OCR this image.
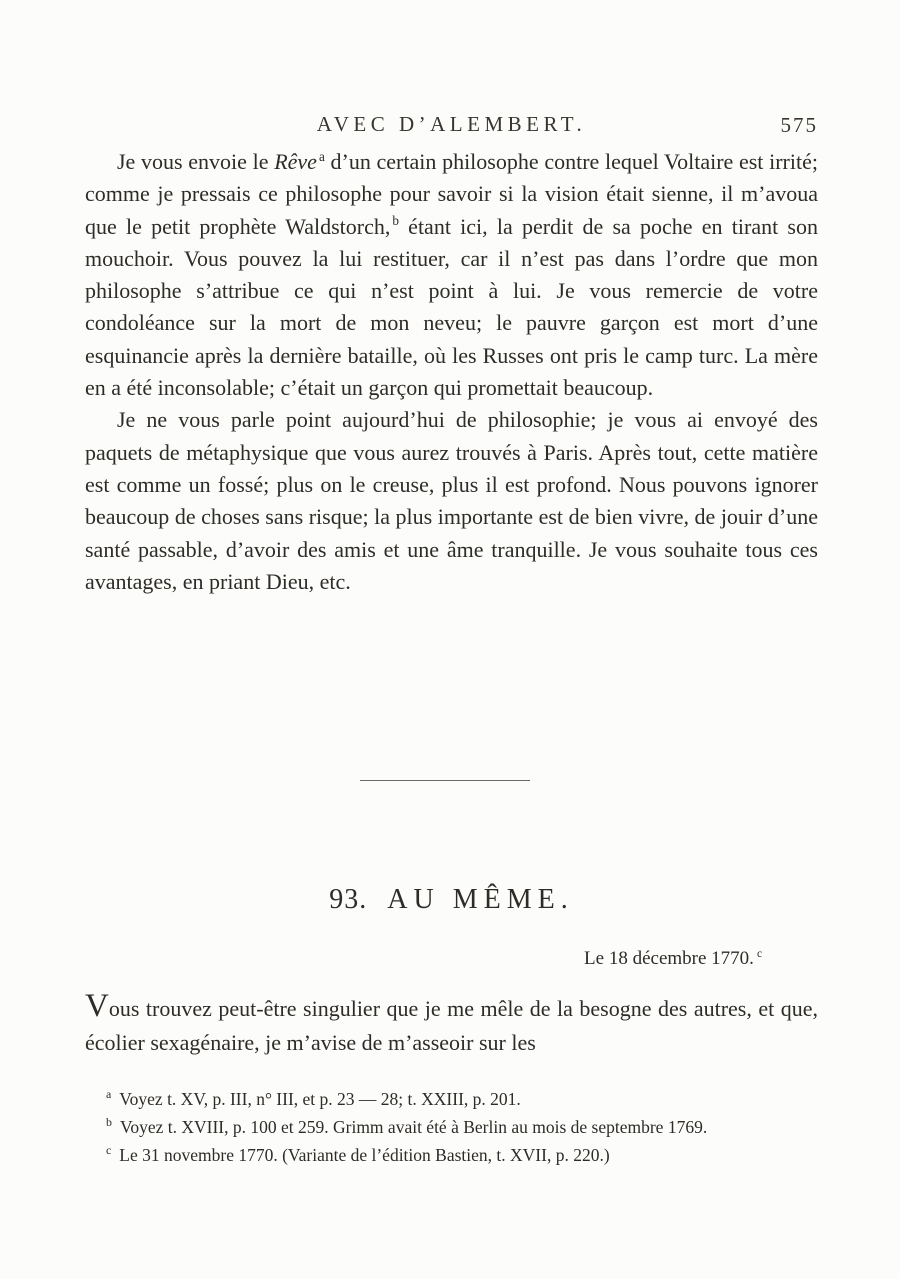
AVEC D’ALEMBERT.	575

Je vous envoie le Rêve $^a$ d’un certain philosophe contre lequel Voltaire est irrité; comme je pressais ce philosophe pour savoir si la vision était sienne, il m’avoua que le petit prophète Waldstorch, $^b$ étant ici, la perdit de sa poche en tirant son mouchoir. Vous pouvez la lui restituer, car il n’est pas dans l’ordre que mon philosophe s’attribue ce qui n’est point à lui. Je vous remercie de votre condoléance sur la mort de mon neveu; le pauvre garçon est mort d’une esquinancie après la dernière bataille, où les Russes ont pris le camp turc. La mère en a été inconsolable; c’était un garçon qui promettait beaucoup.

Je ne vous parle point aujourd’hui de philosophie; je vous ai envoyé des paquets de métaphysique que vous aurez trouvés à Paris. Après tout, cette matière est comme un fossé; plus on le creuse, plus il est profond. Nous pouvons ignorer beaucoup de choses sans risque; la plus importante est de bien vivre, de jouir d’une santé passable, d’avoir des amis et une âme tranquille. Je vous souhaite tous ces avantages, en priant Dieu, etc.

93. AU MÊME.
Le 18 décembre 1770. $^c$

Vous trouvez peut-être singulier que je me mêle de la besogne des autres, et que, écolier sexagénaire, je m’avise de m’asseoir sur les

$^a$ Voyez t. XV, p. III, n° III, et p. 23 — 28; t. XXIII, p. 201.

$^b$ Voyez t. XVIII, p. 100 et 259. Grimm avait été à Berlin au mois de septembre 1769.

$^c$ Le 31 novembre 1770. (Variante de l’édition Bastien, t. XVII, p. 220.)
